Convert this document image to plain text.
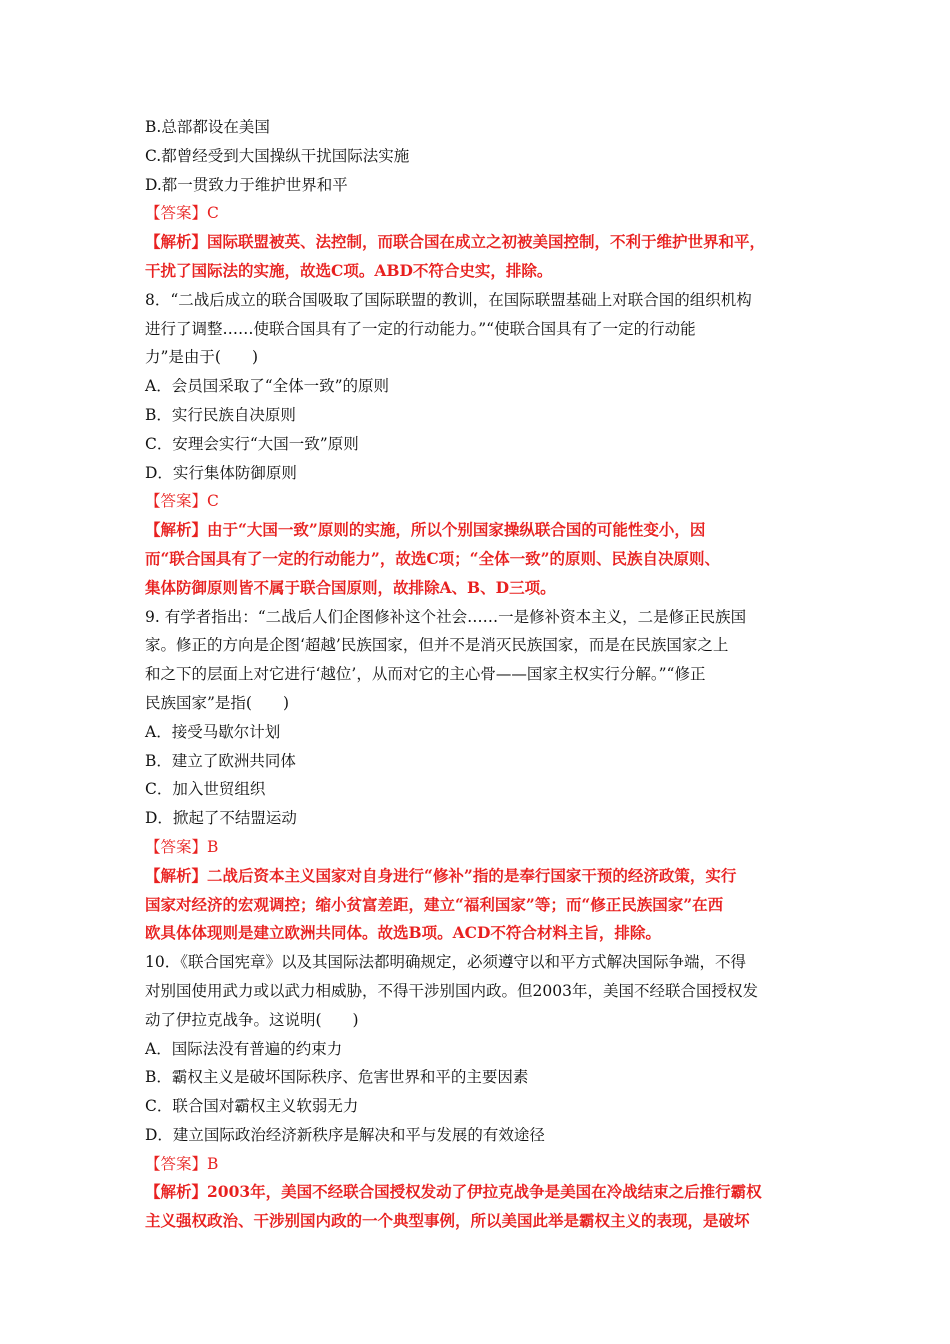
B.总部都设在美国
C.都曾经受到大国操纵干扰国际法实施
D.都一贯致力于维护世界和平
【答案】C
【解析】国际联盟被英、法控制，而联合国在成立之初被美国控制，不利于维护世界和平，
干扰了国际法的实施，故选C项。ABD不符合史实，排除。
8．“二战后成立的联合国吸取了国际联盟的教训，在国际联盟基础上对联合国的组织机构
进行了调整……使联合国具有了一定的行动能力。”“使联合国具有了一定的行动能
力”是由于(　　)
A．会员国采取了“全体一致”的原则
B．实行民族自决原则
C．安理会实行“大国一致”原则
D．实行集体防御原则
【答案】C
【解析】由于“大国一致”原则的实施，所以个别国家操纵联合国的可能性变小，因
而“联合国具有了一定的行动能力”，故选C项；“全体一致”的原则、民族自决原则、
集体防御原则皆不属于联合国原则，故排除A、B、D三项。
9. 有学者指出：“二战后人们企图修补这个社会……一是修补资本主义，二是修正民族国
家。修正的方向是企图‘超越’民族国家，但并不是消灭民族国家，而是在民族国家之上
和之下的层面上对它进行‘越位’，从而对它的主心骨——国家主权实行分解。”“修正
民族国家”是指(　　)
A．接受马歇尔计划
B．建立了欧洲共同体
C．加入世贸组织
D．掀起了不结盟运动
【答案】B
【解析】二战后资本主义国家对自身进行“修补”指的是奉行国家干预的经济政策，实行
国家对经济的宏观调控；缩小贫富差距，建立“福利国家”等；而“修正民族国家”在西
欧具体体现则是建立欧洲共同体。故选B项。ACD不符合材料主旨，排除。
10．《联合国宪章》以及其国际法都明确规定，必须遵守以和平方式解决国际争端，不得
对别国使用武力或以武力相威胁，不得干涉别国内政。但2003年，美国不经联合国授权发
动了伊拉克战争。这说明(　　)
A．国际法没有普遍的约束力
B．霸权主义是破坏国际秩序、危害世界和平的主要因素
C．联合国对霸权主义软弱无力
D．建立国际政治经济新秩序是解决和平与发展的有效途径
【答案】B
【解析】2003年，美国不经联合国授权发动了伊拉克战争是美国在冷战结束之后推行霸权
主义强权政治、干涉别国内政的一个典型事例，所以美国此举是霸权主义的表现，是破坏
